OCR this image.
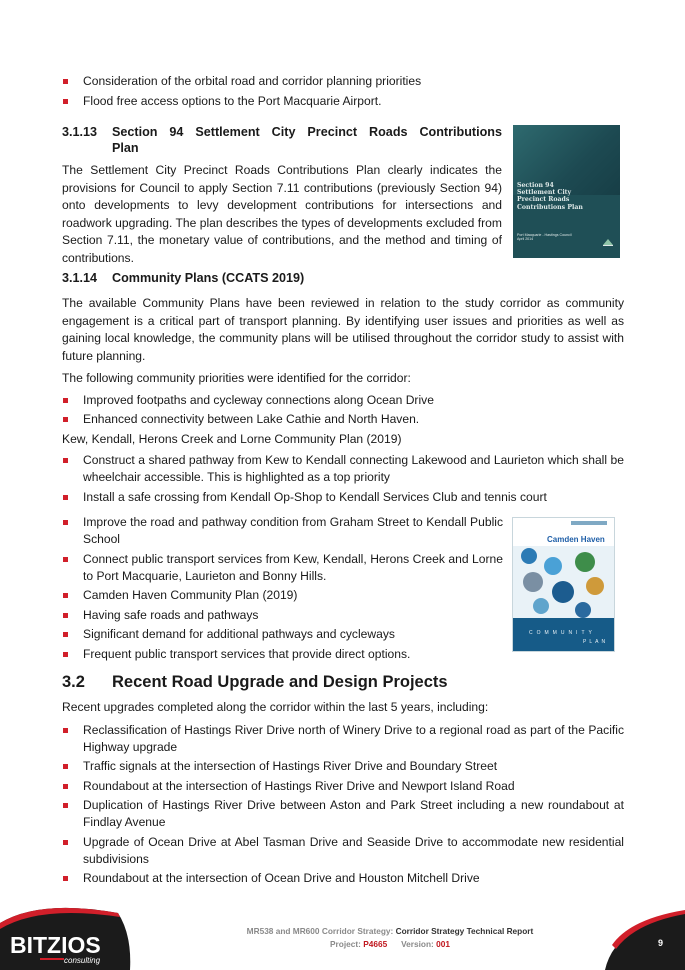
Consideration of the orbital road and corridor planning priorities
Flood free access options to the Port Macquarie Airport.
3.1.13	Section 94 Settlement City Precinct Roads Contributions
Plan

The Settlement City Precinct Roads Contributions Plan clearly indicates the provisions for Council to apply Section 7.11 contributions (previously Section 94) onto developments to levy development contributions for intersections and roadwork upgrading. The plan describes the types of developments excluded from Section 7.11, the monetary value of contributions, and the method and timing of contributions.

Section 94
Settlement City
Precinct Roads
Contributions Plan
Port Macquarie - Hastings Council
April 2014
3.1.14 Community Plans (CCATS 2019)

The available Community Plans have been reviewed in relation to the study corridor as community engagement is a critical part of transport planning. By identifying user issues and priorities as well as gaining local knowledge, the community plans will be utilised throughout the corridor study to assist with future planning.

The following community priorities were identified for the corridor:

Improved footpaths and cycleway connections along Ocean Drive
Enhanced connectivity between Lake Cathie and North Haven.

Kew, Kendall, Herons Creek and Lorne Community Plan (2019)

Construct a shared pathway from Kew to Kendall connecting Lakewood and Laurieton which shall be wheelchair accessible. This is highlighted as a top priority
Install a safe crossing from Kendall Op-Shop to Kendall Services Club and tennis court
Improve the road and pathway condition from Graham Street to Kendall Public School
Connect public transport services from Kew, Kendall, Herons Creek and Lorne to Port Macquarie, Laurieton and Bonny Hills.
Camden Haven Community Plan (2019)
Having safe roads and pathways
Significant demand for additional pathways and cycleways
Frequent public transport services that provide direct options.
Camden Haven
COMMUNITY
PLAN
3.2 Recent Road Upgrade and Design Projects

Recent upgrades completed along the corridor within the last 5 years, including:

Reclassification of Hastings River Drive north of Winery Drive to a regional road as part of the Pacific Highway upgrade
Traffic signals at the intersection of Hastings River Drive and Boundary Street
Roundabout at the intersection of Hastings River Drive and Newport Island Road
Duplication of Hastings River Drive between Aston and Park Street including a new roundabout at Findlay Avenue
Upgrade of Ocean Drive at Abel Tasman Drive and Seaside Drive to accommodate new residential subdivisions
Roundabout at the intersection of Ocean Drive and Houston Mitchell Drive
BITZIOS
consulting
MR538 and MR600 Corridor Strategy: Corridor Strategy Technical Report
Project: P4665 Version: 001	9
